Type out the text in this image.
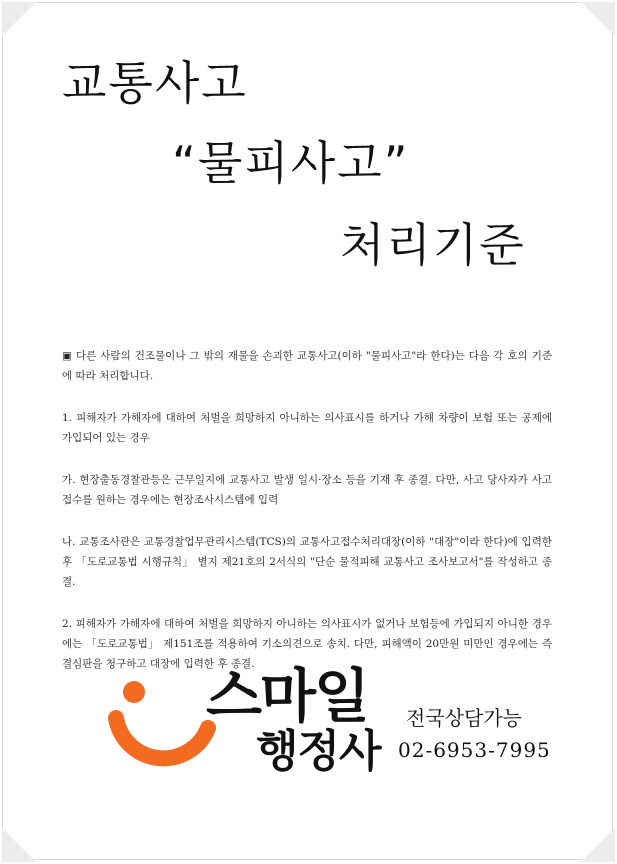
교통사고
“물피사고”
처리기준

▣ 다른 사람의 건조물이나 그 밖의 재물을 손괴한 교통사고(이하 "물피사고"라 한다)는 다음 각 호의 기준에 따라 처리합니다.

1. 피해자가 가해자에 대하여 처벌을 희망하지 아니하는 의사표시를 하거나 가해 차량이 보험 또는 공제에 가입되어 있는 경우

가. 현장출동경찰관등은 근무일지에 교통사고 발생 일시·장소 등을 기재 후 종결. 다만, 사고 당사자가 사고 접수를 원하는 경우에는 현장조사시스템에 입력

나. 교통조사관은 교통경찰업무관리시스템(TCS)의 교통사고접수처리대장(이하 "대장"이라 한다)에 입력한 후 「도로교통법 시행규칙」 별지 제21호의 2서식의 "단순 물적피해 교통사고 조사보고서"를 작성하고 종결.

2. 피해자가 가해자에 대하여 처벌을 희망하지 아니하는 의사표시가 없거나 보험등에 가입되지 아니한 경우에는 「도로교통법」 제151조를 적용하여 기소의견으로 송치. 다만, 피해액이 20만원 미만인 경우에는 즉결심판을 청구하고 대장에 입력한 후 종결.

스마일

행정사

전국상담가능

02-6953-7995
